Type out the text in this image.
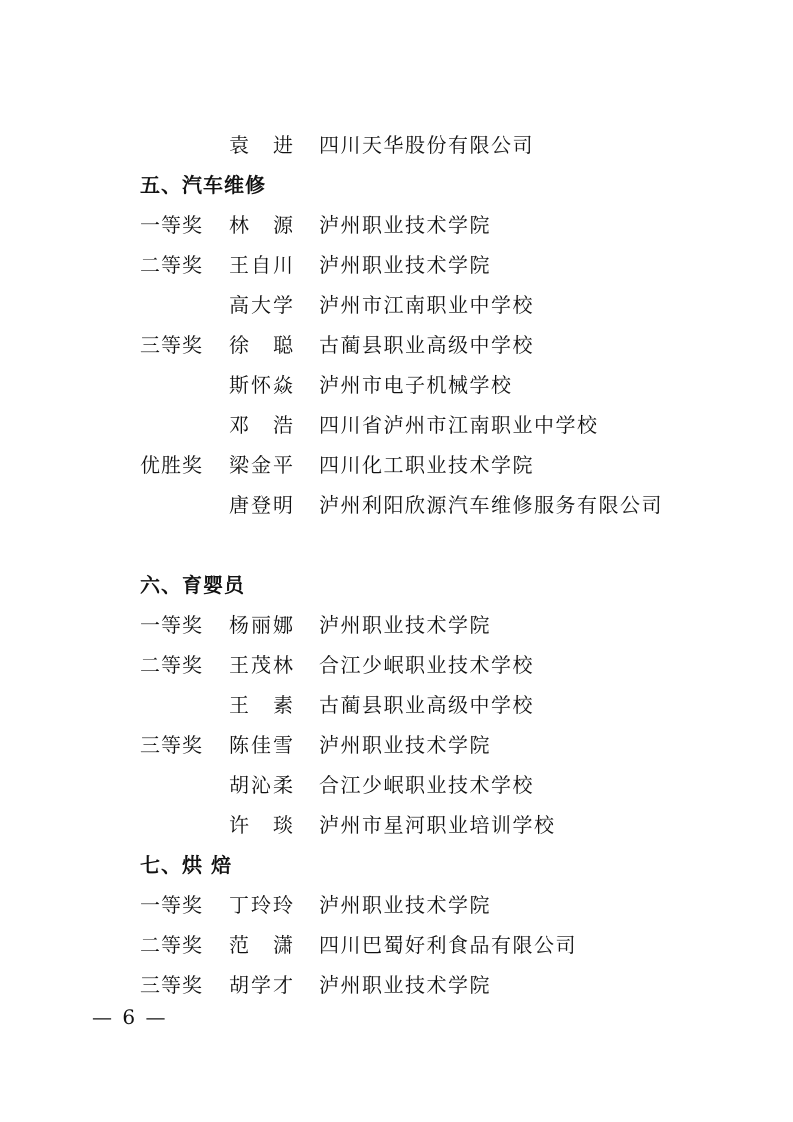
袁　进 四川天华股份有限公司
五、汽车维修
一等奖 林　源 泸州职业技术学院
二等奖 王自川 泸州职业技术学院
高大学 泸州市江南职业中学校
三等奖 徐　聪 古蔺县职业高级中学校
斯怀焱 泸州市电子机械学校
邓　浩 四川省泸州市江南职业中学校
优胜奖 梁金平 四川化工职业技术学院
唐登明 泸州利阳欣源汽车维修服务有限公司
六、育婴员
一等奖 杨丽娜 泸州职业技术学院
二等奖 王茂林 合江少岷职业技术学校
王　素 古蔺县职业高级中学校
三等奖 陈佳雪 泸州职业技术学院
胡沁柔 合江少岷职业技术学校
许　琰 泸州市星河职业培训学校
七、烘 焙
一等奖 丁玲玲 泸州职业技术学院
二等奖 范　潇 四川巴蜀好利食品有限公司
三等奖 胡学才 泸州职业技术学院
— 6 —
